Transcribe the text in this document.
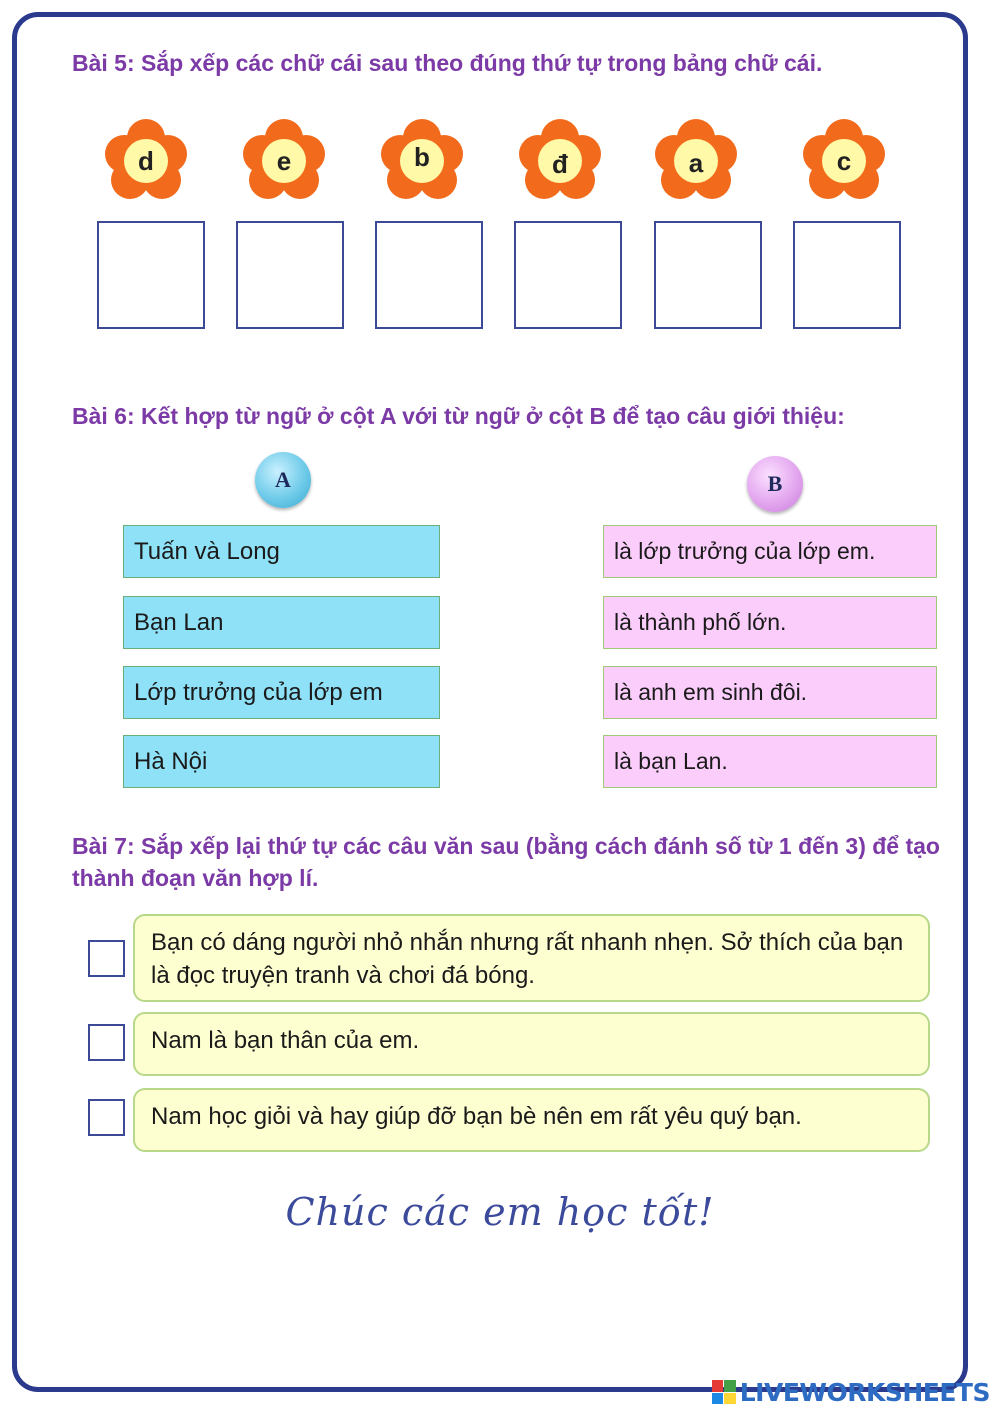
Bài 5: Sắp xếp các chữ cái sau theo đúng thứ tự trong bảng chữ cái.

d	e	b	đ	a	c

Bài 6: Kết hợp từ ngữ ở cột A với từ ngữ ở cột B để tạo câu giới thiệu:

A	B
Tuấn và Long
Bạn Lan
Lớp trưởng của lớp em
Hà Nội
là lớp trưởng của lớp em.
là thành phố lớn.
là anh em sinh đôi.
là bạn Lan.

Bài 7: Sắp xếp lại thứ tự các câu văn sau (bằng cách đánh số từ 1 đến 3) để tạo thành đoạn văn hợp lí.

Bạn có dáng người nhỏ nhắn nhưng rất nhanh nhẹn. Sở thích của bạn là đọc truyện tranh và chơi đá bóng.
Nam là bạn thân của em.
Nam học giỏi và hay giúp đỡ bạn bè nên em rất yêu quý bạn.
Chúc các em học tốt!
LIVEWORKSHEETS
